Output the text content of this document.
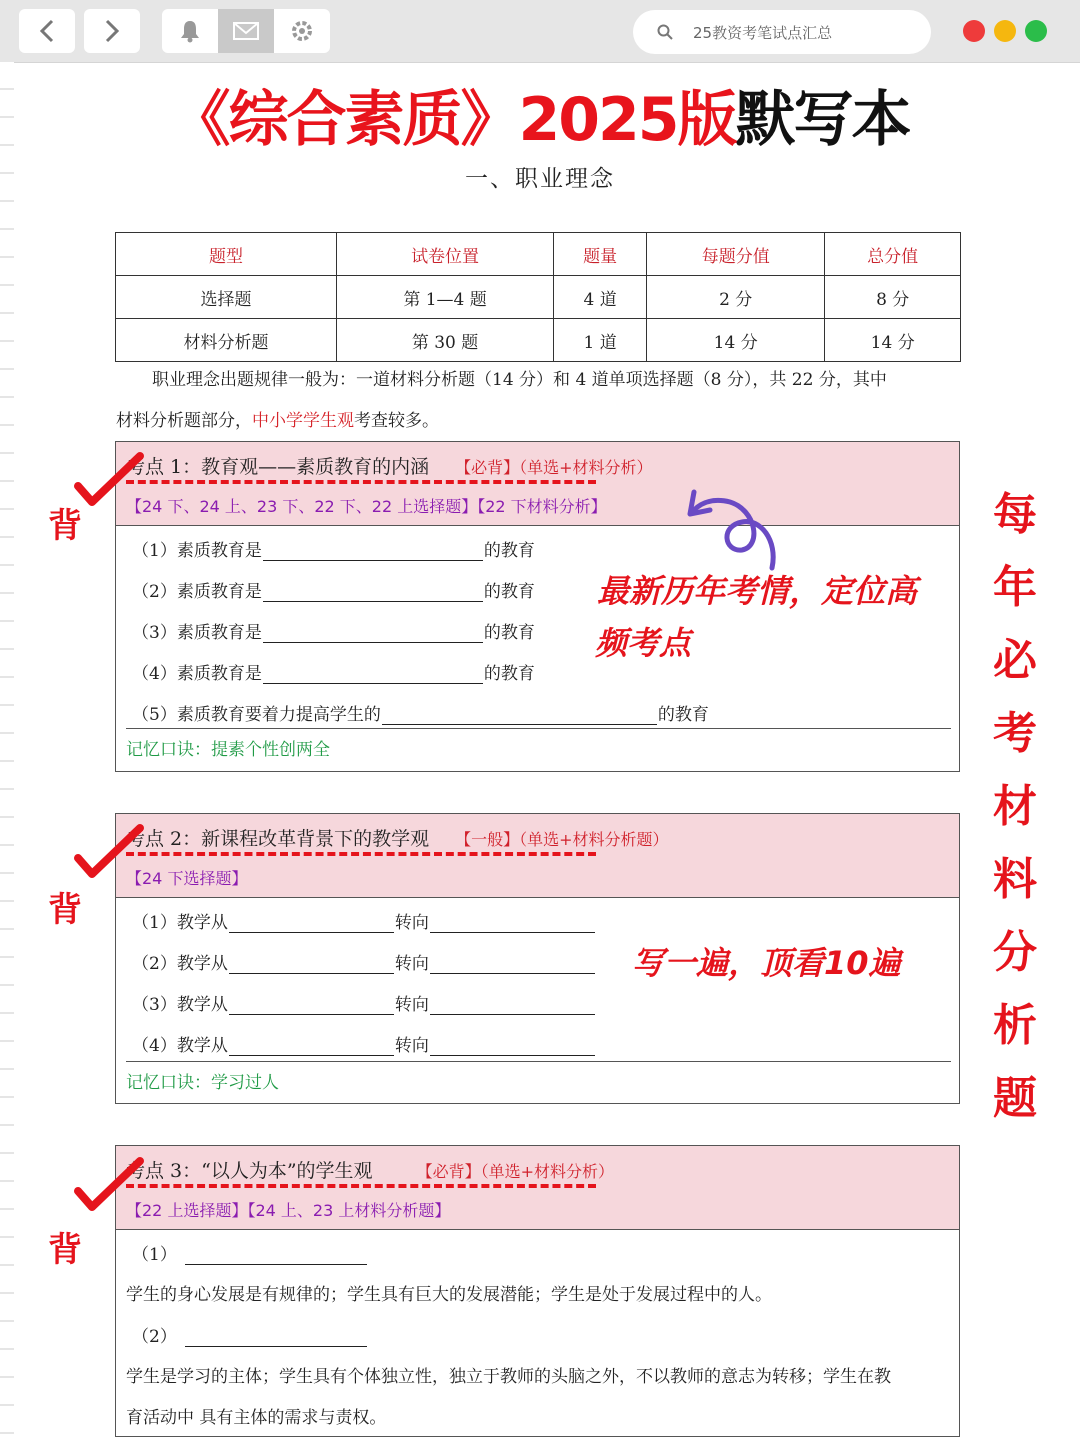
25教资考笔试点汇总
《综合素质》2025版默写本
一、职业理念
题型	试卷位置	题量	每题分值	总分值
选择题	第 1—4 题	4 道	2 分	8 分
材料分析题	第 30 题	1 道	14 分	14 分
职业理念出题规律一般为：一道材料分析题（14 分）和 4 道单项选择题（8 分），共 22 分，其中
材料分析题部分，中小学学生观考查较多。
考点 1：教育观——素质教育的内涵 【必背】（单选+材料分析）
【24 下、24 上、23 下、22 下、22 上选择题】【22 下材料分析】
（1）素质教育是	的教育
（2）素质教育是	的教育
（3）素质教育是	的教育
（4）素质教育是	的教育
（5）素质教育要着力提高学生的	的教育
记忆口诀：提素个性创两全
考点 2：新课程改革背景下的教学观 【一般】（单选+材料分析题）
【24 下选择题】
（1）教学从	转向
（2）教学从	转向
（3）教学从	转向
（4）教学从	转向
记忆口诀：学习过人
考点 3：“以人为本”的学生观	【必背】（单选+材料分析）
【22 上选择题】【24 上、23 上材料分析题】
（1）
学生的身心发展是有规律的；学生具有巨大的发展潜能；学生是处于发展过程中的人。
（2）
学生是学习的主体；学生具有个体独立性，独立于教师的头脑之外，不以教师的意志为转移；学生在教
育活动中 具有主体的需求与责权。
背
背
背
最新历年考情，定位高
频考点
写一遍，顶看10遍
每
年
必
考
材
料
分
析
题
